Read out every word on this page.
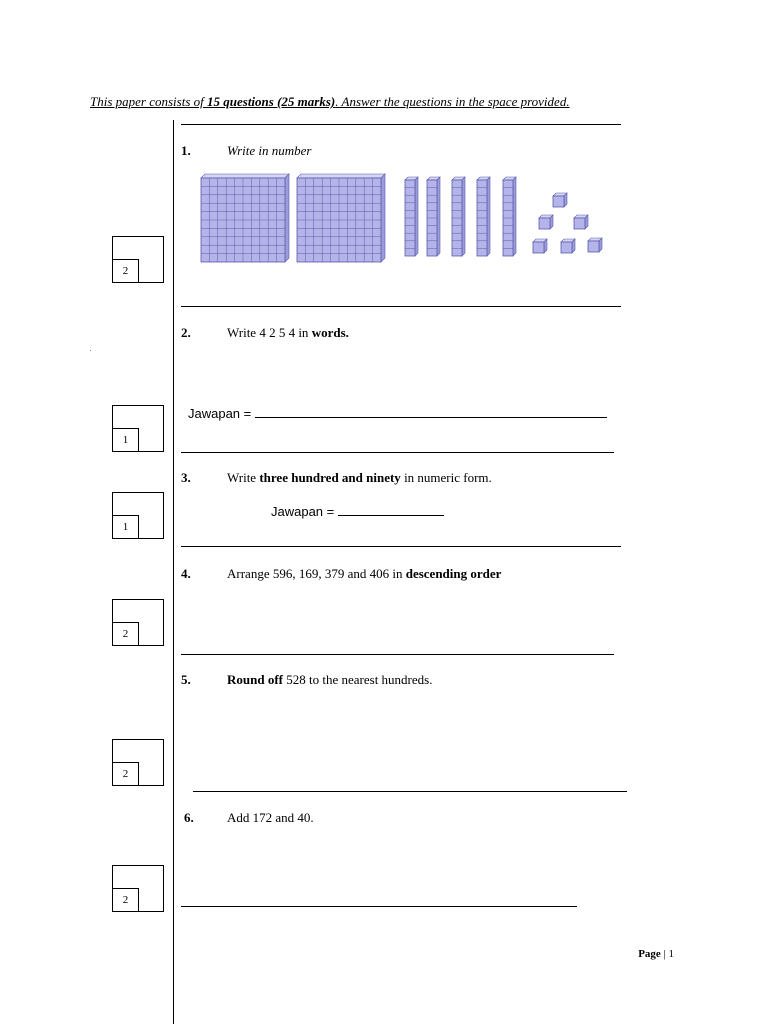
This paper consists of 15 questions (25 marks). Answer the questions in the space provided.
1.	Write in number
2
2.	Write 4 2 5 4 in words.
Jawapan =
1
3.	Write three hundred and ninety in numeric form.
Jawapan =
1
4.	Arrange 596, 169, 379 and 406 in descending order
2
5.	Round off 528 to the nearest hundreds.
2
6.	Add 172 and 40.
2
Page | 1
